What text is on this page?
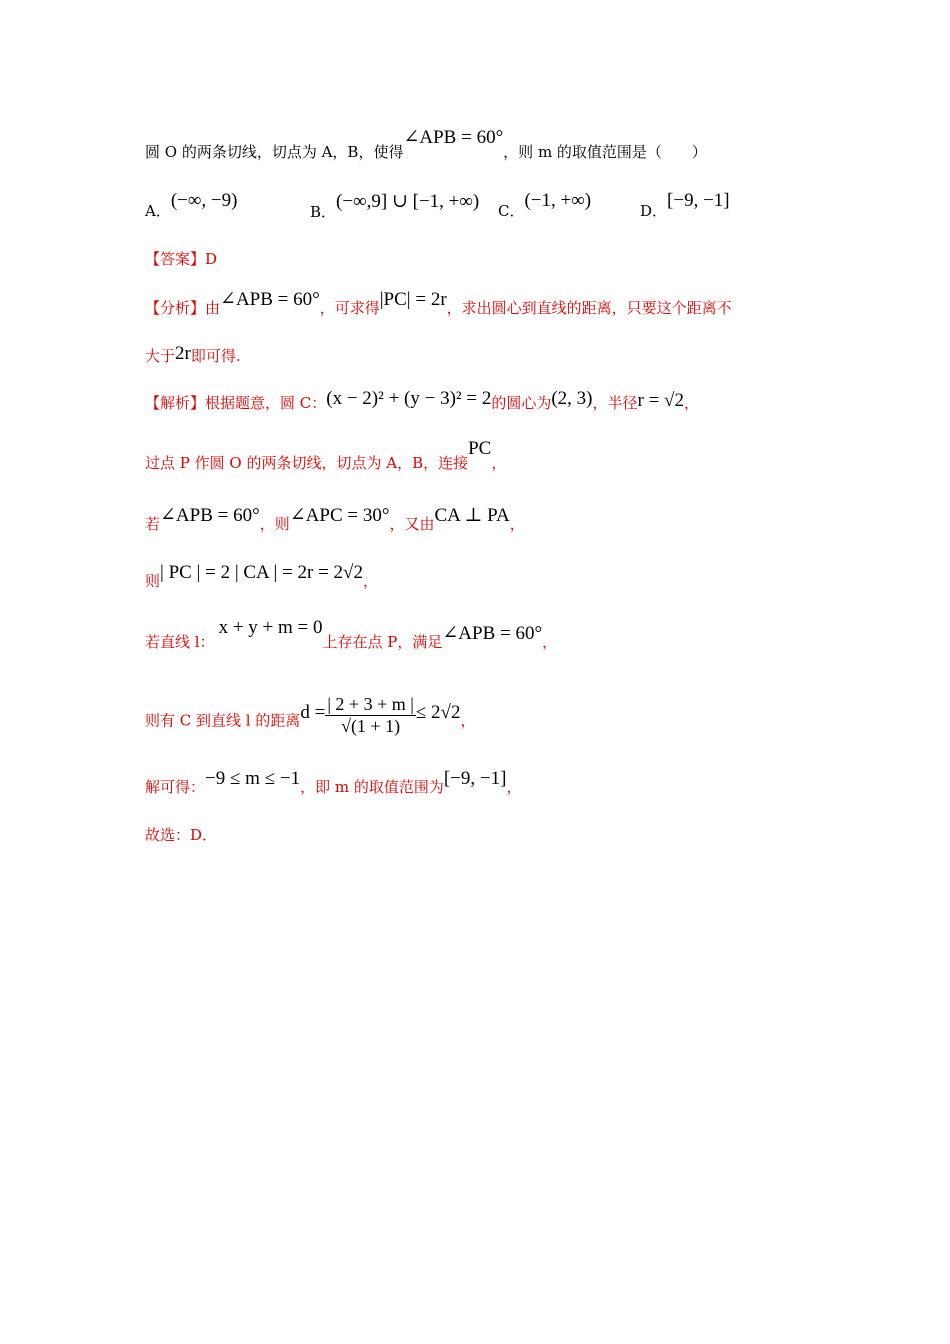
圆 O 的两条切线，切点为 A，B，使得∠APB = 60°，则 m 的取值范围是（　　）
A．(−∞, −9)
B．(−∞,9] ∪ [−1, +∞) C．(−1, +∞)	D．[−9, −1]
【答案】D
【分析】由∠APB = 60°，可求得|PC| = 2r，求出圆心到直线的距离，只要这个距离不
大于2r即可得.
【解析】根据题意，圆 C：(x − 2)² + (y − 3)² = 2的圆心为(2, 3)，半径r = √2，
过点 P 作圆 O 的两条切线，切点为 A，B，连接PC，
若∠APB = 60°，则∠APC = 30°，又由CA ⊥ PA，
则| PC | = 2 | CA | = 2r = 2√2，
若直线 l：x + y + m = 0上存在点 P，满足∠APB = 60°，
则有 C 到直线 l 的距离$d = \frac{| 2 + 3 + m |}{√(1 + 1)} \le 2√2$，
解可得：−9 ≤ m ≤ −1，即 m 的取值范围为[−9, −1]，
故选：D．
